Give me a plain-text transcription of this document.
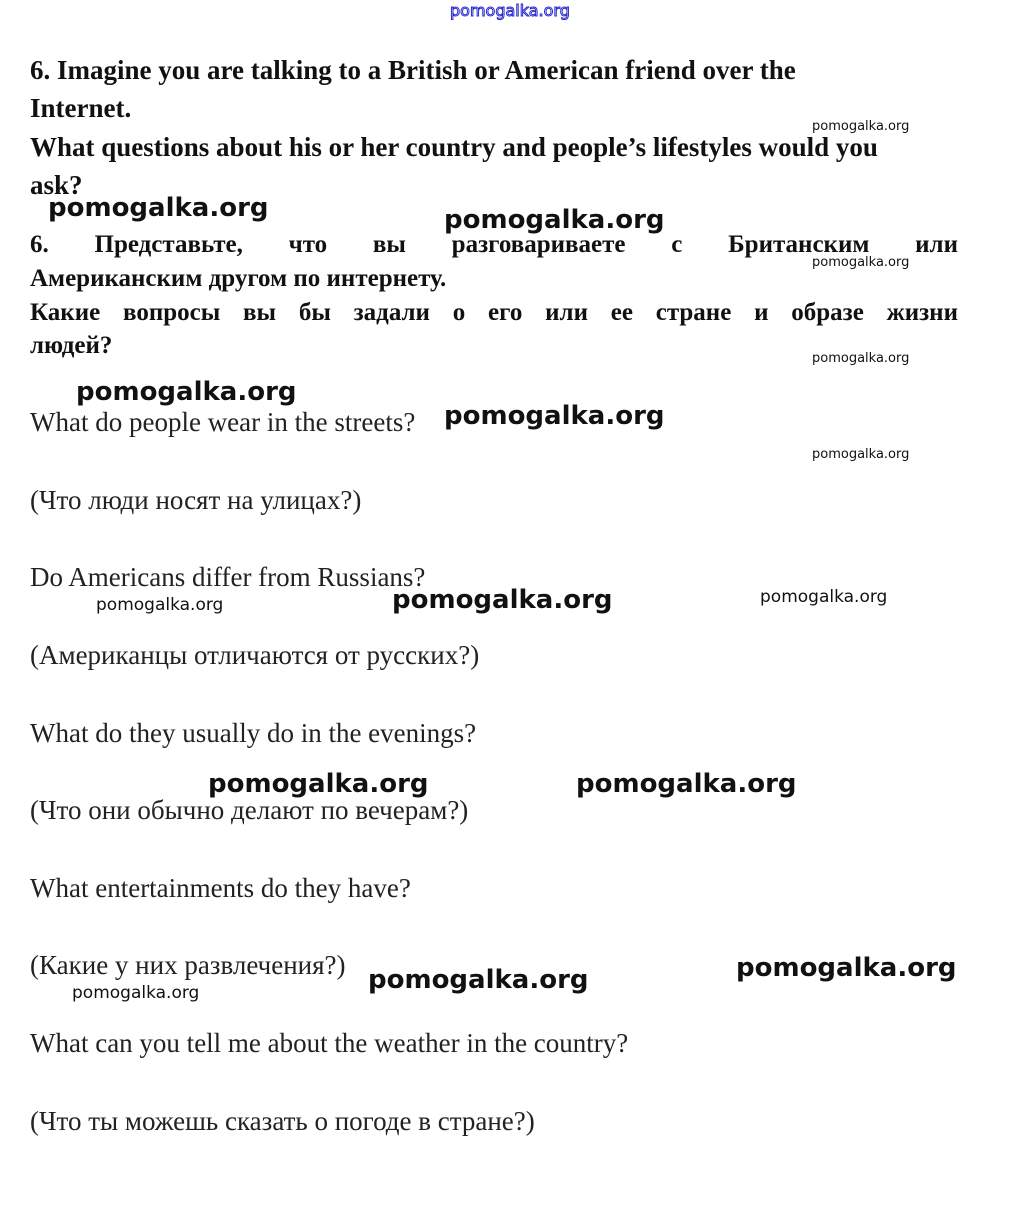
pomogalka.org
6. Imagine you are talking to a British or American friend over the
Internet.
What questions about his or her country and people’s lifestyles would you
ask?
6. Представьте, что вы разговариваете с Британским или
Американским другом по интернету.
Какие вопросы вы бы задали о его или ее стране и образе жизни
людей?
What do people wear in the streets?
(Что люди носят на улицах?)
Do Americans differ from Russians?
(Американцы отличаются от русских?)
What do they usually do in the evenings?
(Что они обычно делают по вечерам?)
What entertainments do they have?
(Какие у них развлечения?)
What can you tell me about the weather in the country?
(Что ты можешь сказать о погоде в стране?)
pomogalka.org	pomogalka.org
pomogalka.org
pomogalka.org
pomogalka.org
pomogalka.org	pomogalka.org
pomogalka.org	pomogalka.org
pomogalka.org	pomogalka.org
pomogalka.org
pomogalka.org
pomogalka.org
pomogalka.org
pomogalka.org
